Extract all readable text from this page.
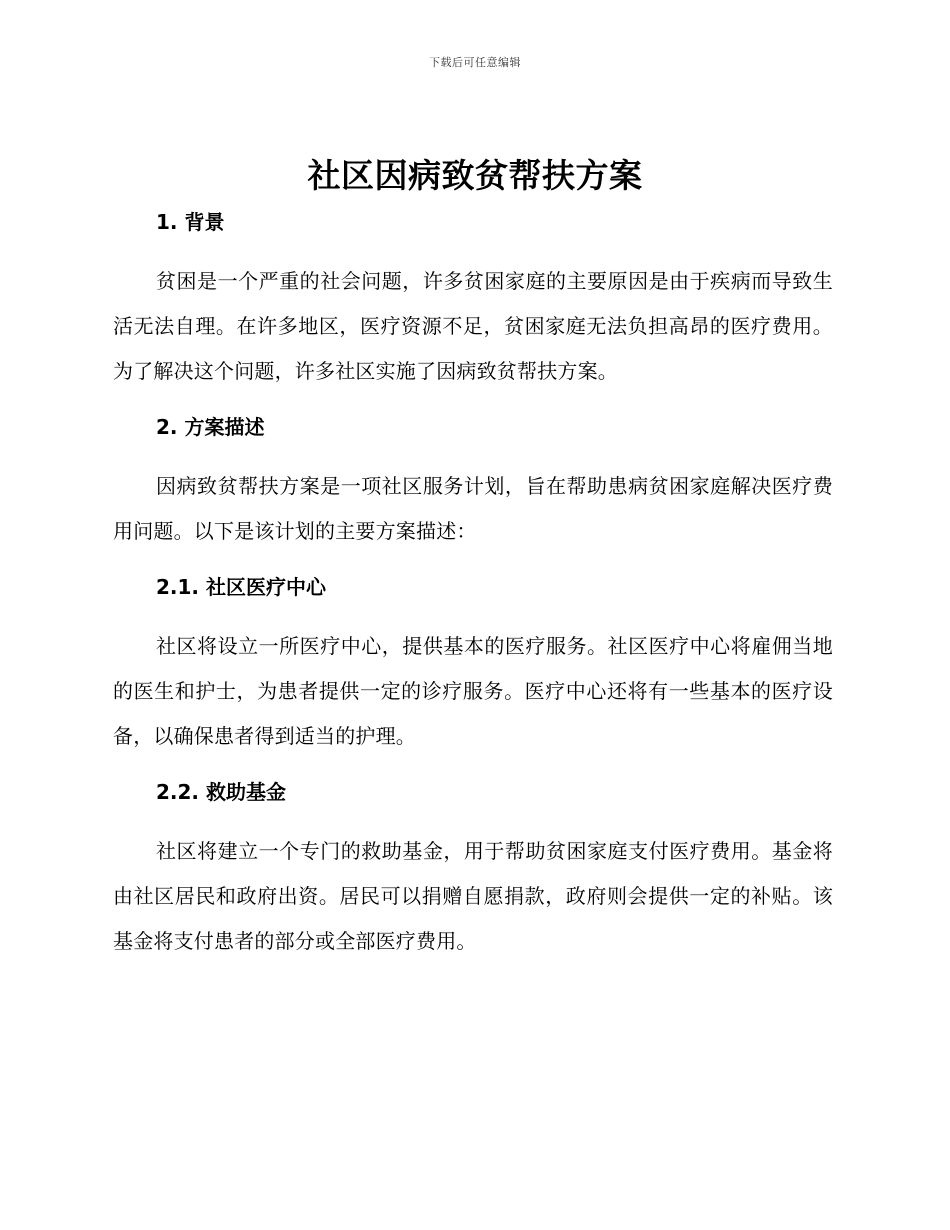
下载后可任意编辑
社区因病致贫帮扶方案
1. 背景

贫困是一个严重的社会问题，许多贫困家庭的主要原因是由于疾病而导致生活无法自理。在许多地区，医疗资源不足，贫困家庭无法负担高昂的医疗费用。为了解决这个问题，许多社区实施了因病致贫帮扶方案。

2. 方案描述

因病致贫帮扶方案是一项社区服务计划，旨在帮助患病贫困家庭解决医疗费用问题。以下是该计划的主要方案描述：

2.1. 社区医疗中心

社区将设立一所医疗中心，提供基本的医疗服务。社区医疗中心将雇佣当地的医生和护士，为患者提供一定的诊疗服务。医疗中心还将有一些基本的医疗设备，以确保患者得到适当的护理。

2.2. 救助基金

社区将建立一个专门的救助基金，用于帮助贫困家庭支付医疗费用。基金将由社区居民和政府出资。居民可以捐赠自愿捐款，政府则会提供一定的补贴。该基金将支付患者的部分或全部医疗费用。
